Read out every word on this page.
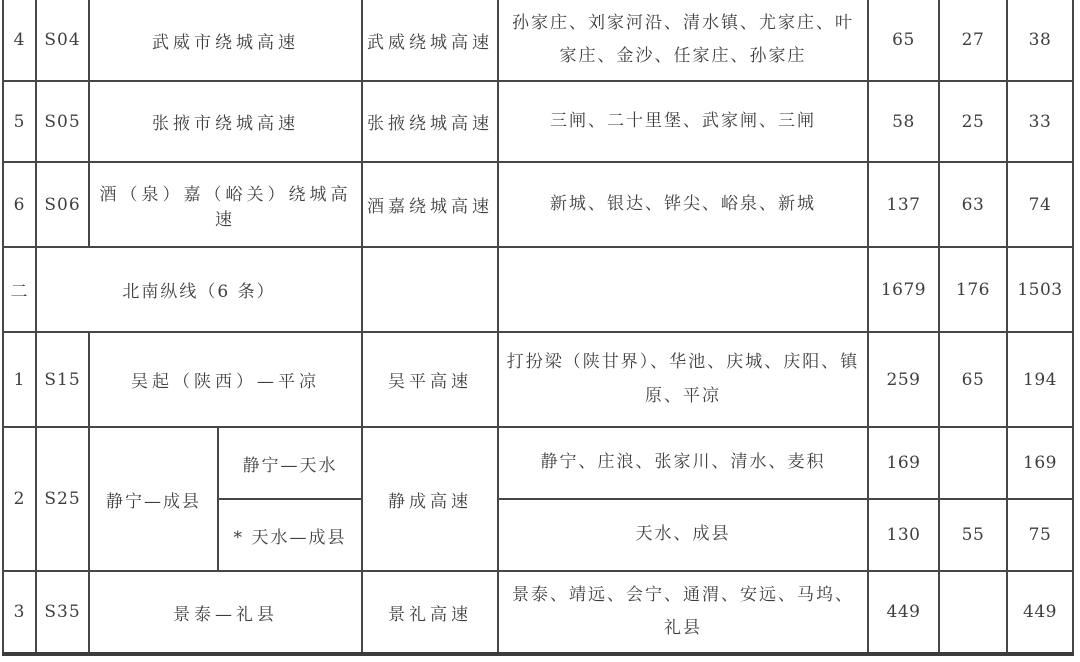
4	S04	武威市绕城高速		武威绕城高速	孙家庄、刘家河沿、清水镇、尤家庄、叶家庄、金沙、任家庄、孙家庄	65	27	38
5	S05	张掖市绕城高速		张掖绕城高速	三闸、二十里堡、武家闸、三闸	58	25	33
6	S06	酒（泉）嘉（峪关）绕城高速		酒嘉绕城高速	新城、银达、铧尖、峪泉、新城	137	63	74
二	北南纵线（6 条）					1679	176	1503
1	S15	吴起（陕西）—平凉		吴平高速	打扮梁（陕甘界）、华池、庆城、庆阳、镇原、平凉	259	65	194
2	S25	静宁—成县	静宁—天水	静成高速	静宁、庄浪、张家川、清水、麦积	169		169
			* 天水—成县		天水、成县	130	55	75
3	S35	景泰—礼县		景礼高速	景泰、靖远、会宁、通渭、安远、马坞、礼县	449		449
